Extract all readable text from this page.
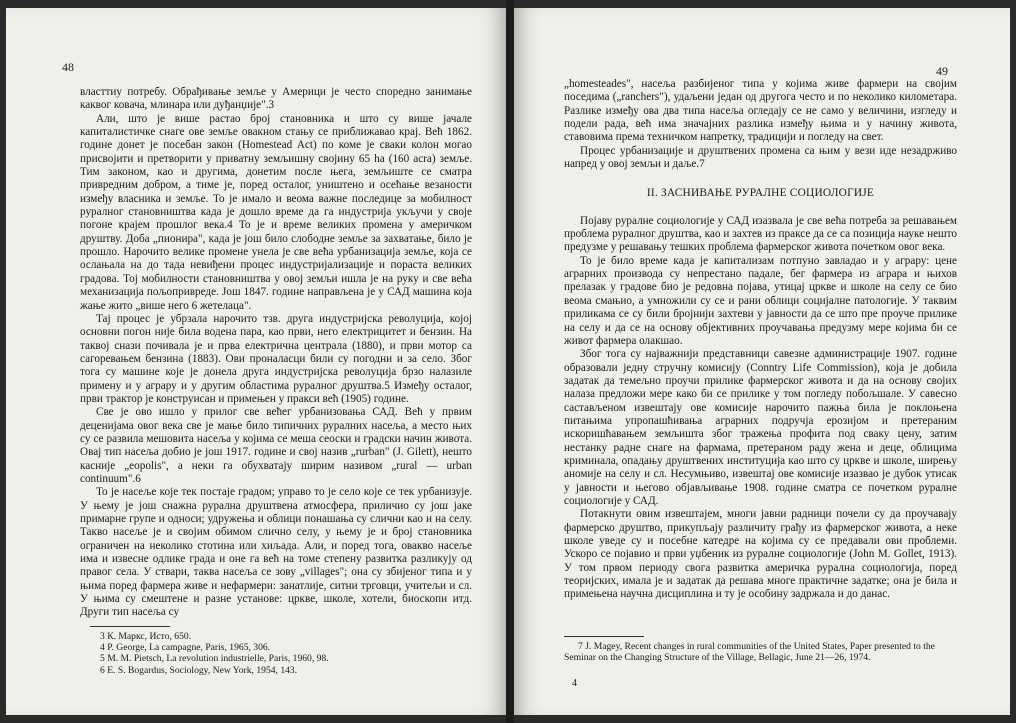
48

власттиу потребу. Обрађивање земље у Америци је често споредно занимање каквог ковача, млинара или дуђанџије".3

Али, што је више растао број становника и што су више јачале капиталистичке снаге ове земље овакном стању се приближавао крај. Већ 1862. године донет је посебан закон (Homestead Act) по коме је сваки колон могао присвојити и претворити у приватну земљишну својину 65 ha (160 acra) земље. Тим законом, као и другима, донетим после њега, земљиште се сматра привредним добром, а тиме је, поред осталог, уништено и осећање везаности између власника и земље. То је имало и веома важне последице за мобилност руралног становништва када је дошло време да га индустрија укључи у своје погоне крајем прошлог века.4 То је и време великих промена у америчком друштву. Доба „пионира", када је још било слободне земље за захватање, било је прошло. Нарочито велике промене унела је све већа урбанизација земље, која се ослањала на до тада невиђени процес индустријализације и пораста великих градова. Тој мобилности становништва у овој земљи ишла је на руку и све већа механизација пољопривреде. Још 1847. године направљена је у САД машина која жање жито „више него 6 жетелаца".

Тај процес је убрзала нарочито тзв. друга индустријска револуција, којој основни погон није била водена пара, као први, него електрицитет и бензин. На таквој снази почивала је и прва електрична централа (1880), и први мотор са сагоревањем бензина (1883). Ови проналасци били су погодни и за село. Због тога су машине које је донела друга индустријска револуција брзо налазиле примену и у аграру и у другим областима руралног друштва.5 Између осталог, први трактор је конструисан и примењен у пракси већ (1905) године.

Све је ово ишло у прилог све већег урбанизовања САД. Већ у првим деценијама овог века све је мање било типичних руралних насеља, а место њих су се развила мешовита насеља у којима се меша сеоски и градски начин живота. Овај тип насеља добио је још 1917. године и свој назив „rurban" (J. Gilett), нешто касније „eopolis", а неки га обухватају ширим називом „rural — urban continuum".6

То је насеље које тек постаје градом; управо то је село које се тек урбанизује. У њему је још снажна рурална друштвена атмосфера, приличио су још јаке примарне групе и односи; удружења и облици понашања су слични као и на селу. Такво насеље је и својим обимом слично селу, у њему је и број становника ограничен на неколико стотина или хиљада. Али, и поред тога, овакво насеље има и извесне одлике града и оне га већ на томе степену развитка разликују од правог села. У ствари, таква насеља се зову „villages"; она су збијеног типа и у њима поред фармера живе и нефармери: занатлије, ситни трговци, учитељи и сл. У њима су смештене и разне установе: цркве, школе, хотели, биоскопи итд. Други тип насеља су

3 К. Маркс, Исто, 650.

4 P. George, La campagne, Paris, 1965, 306.

5 M. M. Pietsch, La revolution industrielle, Paris, 1960, 98.

6 E. S. Bogardus, Sociology, New York, 1954, 143.

49

„homesteades", насеља разбијеног типа у којима живе фармери на својим поседима („ranchers"), удаљени један од другога често и по неколико километара. Разлике између ова два типа насеља огледају се не само у величини, изгледу и подели рада, већ има значајних разлика између њима и у начину живота, ставовима према техничком напретку, традицији и погледу на свет.

Процес урбанизације и друштвених промена са њим у вези иде незадрживо напред у овој земљи и даље.7

II. ЗАСНИВАЊЕ РУРАЛНЕ СОЦИОЛОГИЈЕ

Појаву руралне социологије у САД изазвала је све већа потреба за решавањем проблема руралног друштва, као и захтев из праксе да се са позиција науке нешто предузме у решавању тешких проблема фармерског живота почетком овог века.

То је било време када је капитализам потпуно завладао и у аграру: цене аграрних производа су непрестано падале, бег фармера из аграра и њихов прелазак у градове био је редовна појава, утицај цркве и школе на селу се био веома смањио, а умножили су се и рани облици социјалне патологије. У таквим приликама се су били бројнији захтеви у јавности да се што пре проуче прилике на селу и да се на основу објективних проучавања предузму мере којима би се живот фармера олакшао.

Због тога су најважнији представници савезне администрације 1907. године образовали једну стручну комисију (Conntry Life Commission), која је добила задатак да темељно проучи прилике фармерског живота и да на основу својих налаза предложи мере како би се прилике у том погледу побољшале. У савесно састављеном извештају ове комисије нарочито пажња била је поклоњена питањима упропашћивања аграрних подручја ерозијом и претераним искоришћавањем земљишта због тражења профита под сваку цену, затим нестанку радне снаге на фармама, претераном раду жена и деце, облицима криминала, опадању друштвених институција као што су цркве и школе, ширењу аномије на селу и сл. Несумњиво, извештај ове комисије изазвао је дубок утисак у јавности и његово објављивање 1908. године сматра се почетком руралне социологије у САД.

Потакнути овим извештајем, многи јавни радници почели су да проучавају фармерско друштво, прикупљају различиту грађу из фармерског живота, а неке школе уведе су и посебне катедре на којима су се предавали ови проблеми. Ускоро се појавио и први уџбеник из руралне социологије (John M. Gollet, 1913). У том првом периоду свога развитка америчка рурална социологија, поред теоријских, имала је и задатак да решава многе практичне задатке; она је била и примењена научна дисциплина и ту је особину задржала и до данас.

7 J. Magey, Recent changes in rural communities of the United States, Paper presented to the Seminar on the Changing Structure of the Village, Bellagic, June 21—26, 1974.

4
